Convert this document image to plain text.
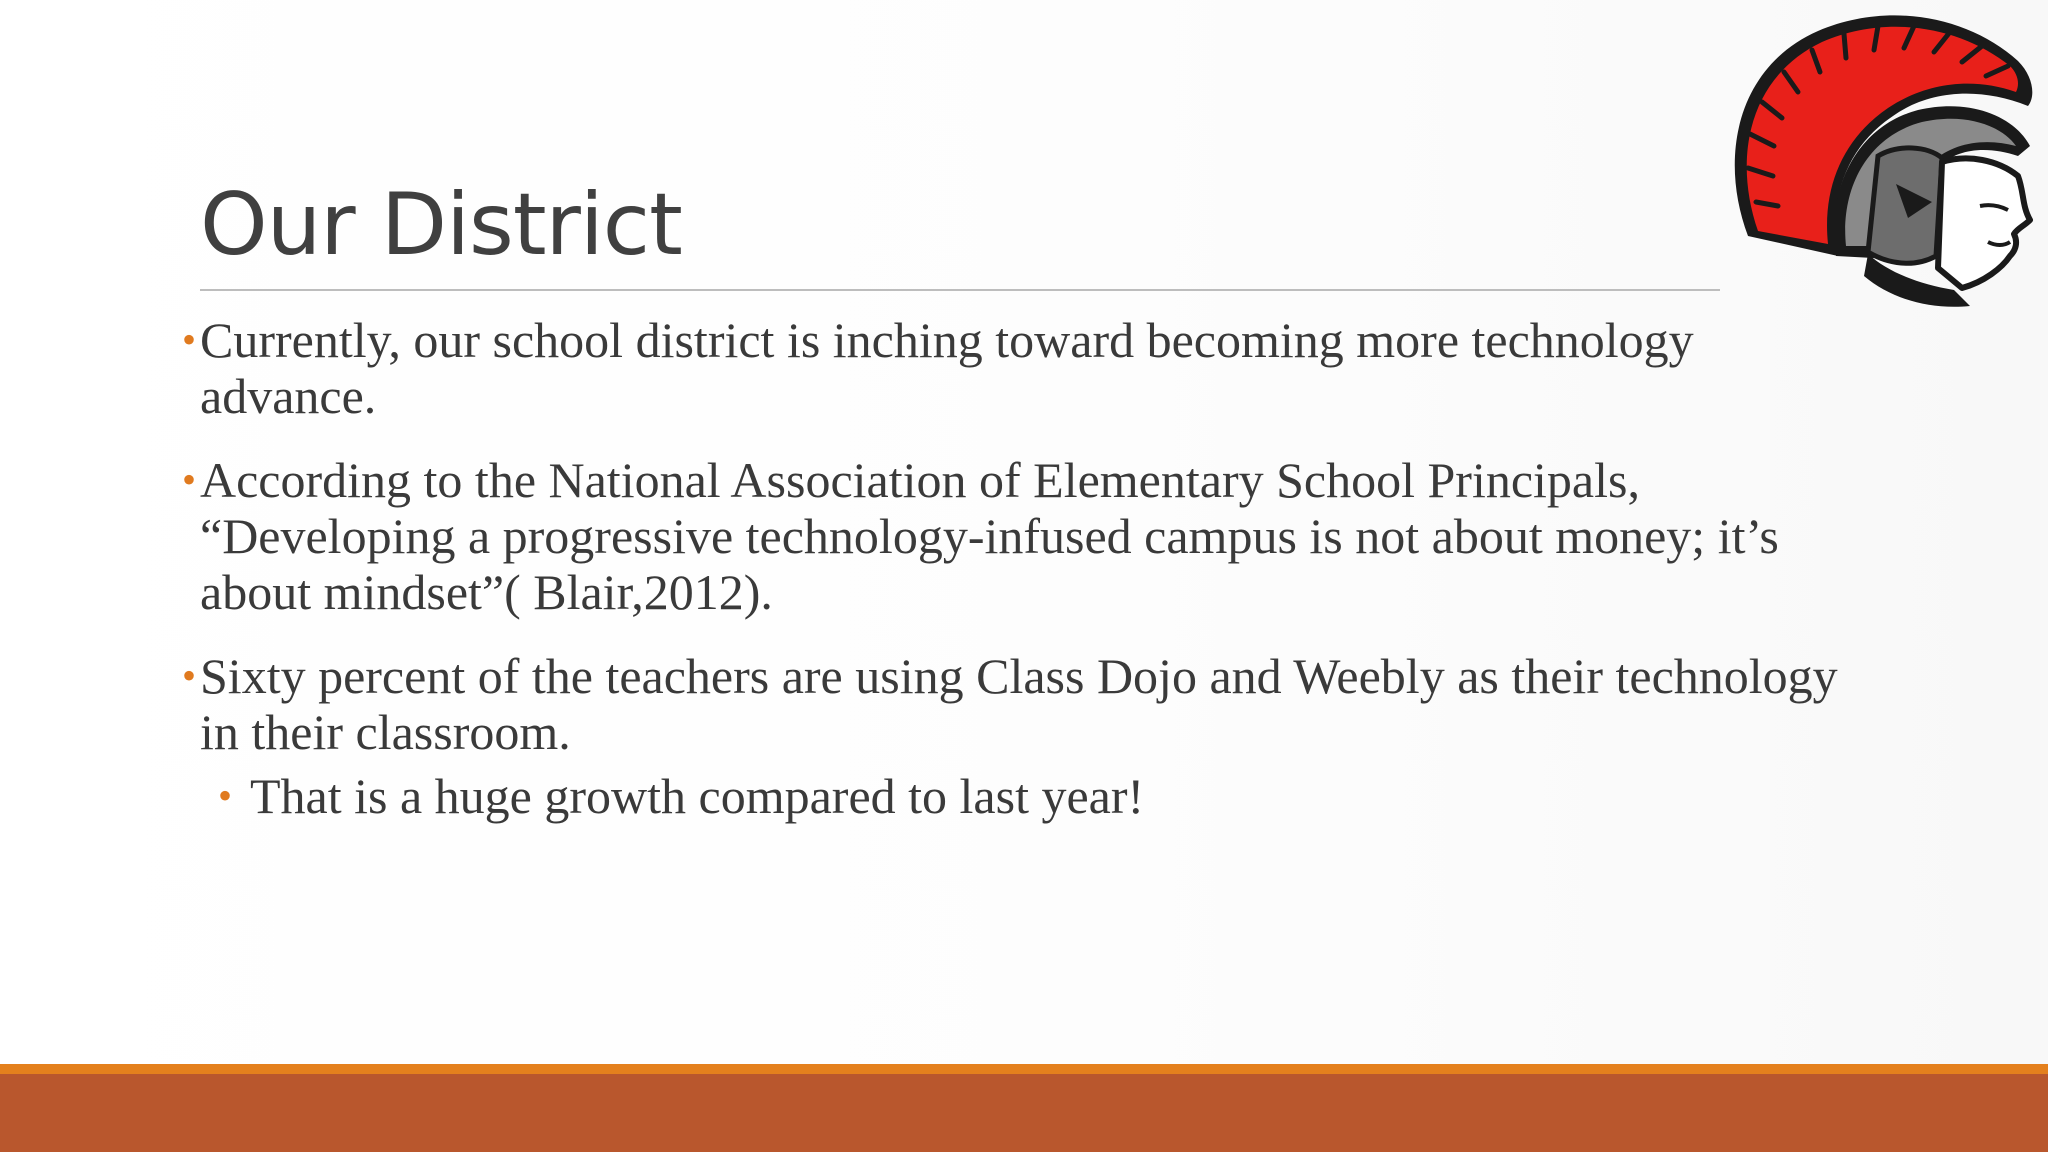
Our District
• Currently, our school district is inching toward becoming more technology advance.
• According to the National Association of Elementary School Principals, “Developing a progressive technology-infused campus is not about money; it’s about mindset”( Blair,2012).
• Sixty percent of the teachers are using Class Dojo and Weebly as their technology in their classroom.
• That is a huge growth compared to last year!
